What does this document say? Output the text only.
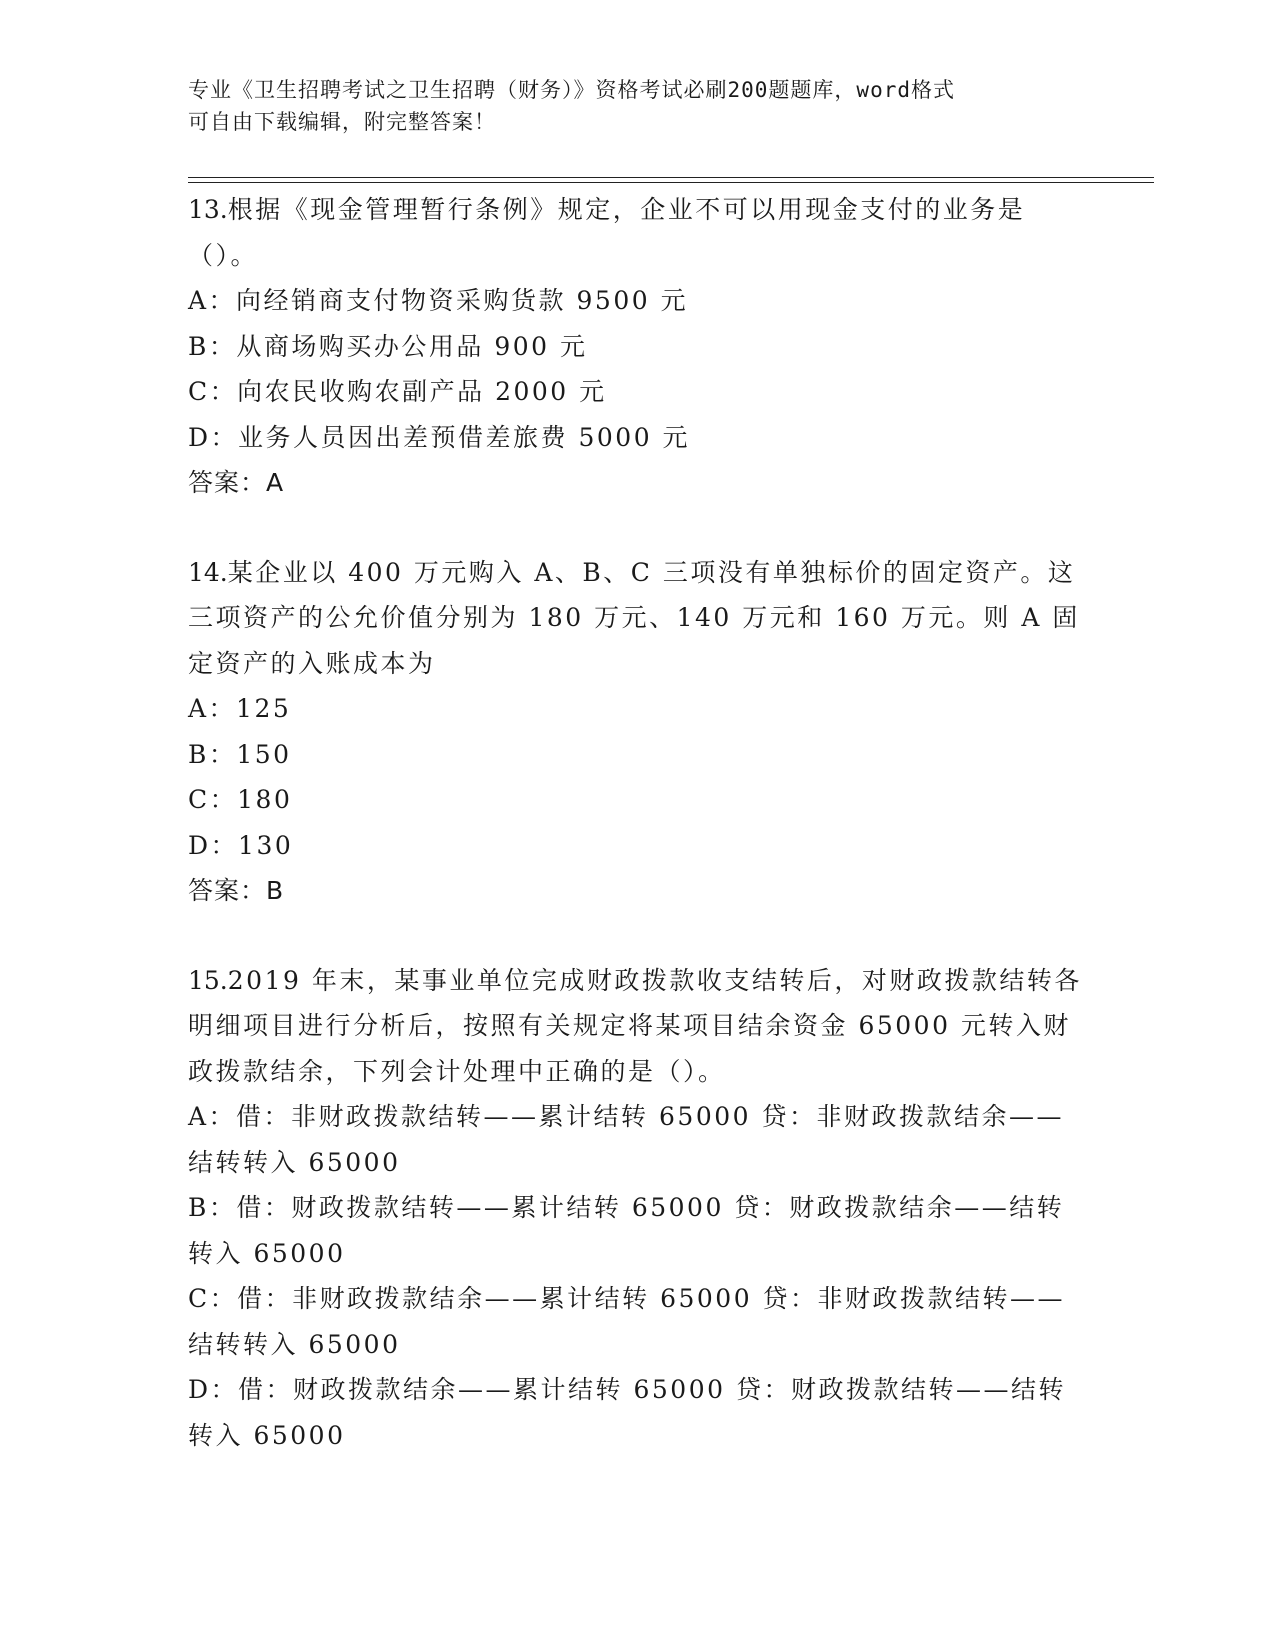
专业《卫生招聘考试之卫生招聘（财务）》资格考试必刷200题题库，word格式
可自由下载编辑，附完整答案！

13.根据《现金管理暂行条例》规定，企业不可以用现金支付的业务是（）。

A：向经销商支付物资采购货款 9500 元

B：从商场购买办公用品 900 元

C：向农民收购农副产品 2000 元

D：业务人员因出差预借差旅费 5000 元

答案：A

14.某企业以 400 万元购入 A、B、C 三项没有单独标价的固定资产。这三项资产的公允价值分别为 180 万元、140 万元和 160 万元。则 A 固定资产的入账成本为

A：125

B：150

C：180

D：130

答案：B

15.2019 年末，某事业单位完成财政拨款收支结转后，对财政拨款结转各明细项目进行分析后，按照有关规定将某项目结余资金 65000 元转入财政拨款结余，下列会计处理中正确的是（）。

A：借：非财政拨款结转——累计结转 65000 贷：非财政拨款结余——结转转入 65000

B：借：财政拨款结转——累计结转 65000 贷：财政拨款结余——结转转入 65000

C：借：非财政拨款结余——累计结转 65000 贷：非财政拨款结转——结转转入 65000

D：借：财政拨款结余——累计结转 65000 贷：财政拨款结转——结转转入 65000
